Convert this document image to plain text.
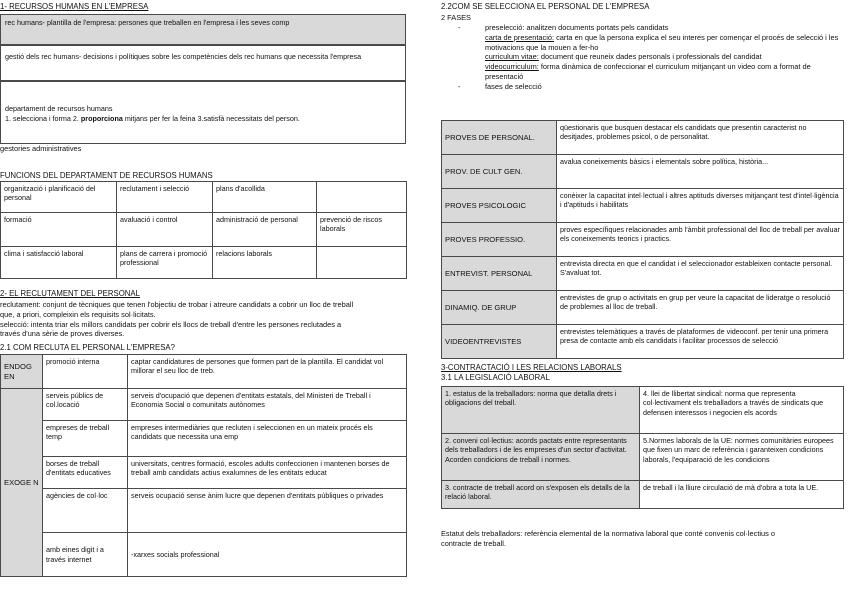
1- RECURSOS HUMANS EN L'EMPRESA
rec humans- plantilla de l'empresa: persones que treballen en l'empresa i les seves comp
gestió dels rec humans- decisions i polítiques sobre les competències dels rec humans que necessita l'empresa
departament de recursos humans
1. selecciona i forma 2. proporciona mitjans per fer la feina 3.satisfà necessitats del person.
gestories administratives
FUNCIONS DEL DEPARTAMENT DE RECURSOS HUMANS
organització i planificació del personal	reclutament i selecció	plans d'acollida	
formació	avaluació i control	administració de personal	prevenció de riscos laborals
clima i satisfacció laboral	plans de carrera i promoció professional	relacions laborals	
2- EL RECLUTAMENT DEL PERSONAL
reclutament: conjunt de tècniques que tenen l'objectiu de trobar i atreure candidats a cobrir un lloc de treball
que, a priori, compleixin els requisits sol·licitats.
selecció: intenta triar els millors candidats per cobrir els llocs de treball d'entre les persones reclutades a
través d'una sèrie de proves diverses.
2.1 COM RECLUTA EL PERSONAL L'EMPRESA?
ENDOG EN	promoció interna	captar candidatures de persones que formen part de la plantilla. El candidat vol millorar el seu lloc de treb.
EXOGE N	serveis públics de col.locació	serveis d'ocupació que depenen d'entitats estatals, del Ministeri de Treball i Economia Social o comunitats autònomes
	empreses de treball temp	empreses intermediàries que recluten i seleccionen en un mateix procés els candidats que necessita una emp
	borses de treball d'entitats educatives	universitats, centres formació, escoles adults confeccionen i mantenen borses de treball amb candidats actius exalumnes de les entitats educat
	agències de col·loc	serveis ocupació sense ànim lucre que depenen d'entitats públiques o privades
	amb eines digit i a través internet	-xarxes socials professional
2.2COM SE SELECCIONA EL PERSONAL DE L'EMPRESA
2 FASES
-	preselecció: analitzen documents portats pels candidats
carta de presentació: carta en que la persona explica el seu interes per començar el procés de selecció i les motivacions que la mouen a fer-ho
curriculum vitae: document que reuneix dades personals i professionals del candidat
videocurriculum: forma dinàmica de confeccionar el curriculum mitjançant un video com a format de presentació
-	fases de selecció
PROVES DE PERSONAL.	qüestionaris que busquen destacar els candidats que presentin caracterist no desitjades, problemes psicol, o de personalitat.
PROV. DE CULT GEN.	avalua coneixements bàsics i elementals sobre política, història...
PROVES PSICOLOGIC	conèixer la capacitat intel·lectual i altres aptituds diverses mitjançant test d'intel·ligència i d'aptituds i habilitats
PROVES PROFESSIO.	proves específiques relacionades amb l'àmbit professional del lloc de treball per avaluar els coneixements teorics i practics.
ENTREVIST. PERSONAL	entrevista directa en que el candidat i el seleccionador estableixen contacte personal. S'avaluat tot.
DINAMIQ. DE GRUP	entrevistes de grup o activitats en grup per veure la capacitat de lideratge o resolució de problemes al lloc de treball.
VIDEOENTREVISTES	entrevistes telemàtiques a través de plataformes de videoconf. per tenir una primera presa de contacte amb els candidats i facilitar processos de selecció
3-CONTRACTACIÓ I LES RELACIONS LABORALS
3.1 LA LEGISLACIÓ LABORAL
1. estatus de la treballadors: norma que detalla drets i obligacions del treball.	4. llei de llibertat sindical: norma que representa col·lectivament els treballadors a través de sindicats que defensen interessos i negocien els acords
2. conveni col·lectius: acords pactats entre representants dels treballadors i de les empreses d'un sector d'activitat. Acorden condicions de treball i normes.	5.Normes laborals de la UE: normes comunitàries europees que fixen un marc de referència i garanteixen condicions laborals, l'equiparació de les condicions
3. contracte de treball acord on s'exposen els detalls de la relació laboral.	de treball i la lliure circulació de mà d'obra a tota la UE.
Estatut dels treballadors: referència elemental de la normativa laboral que conté convenis col·lectius o
contracte de treball.
